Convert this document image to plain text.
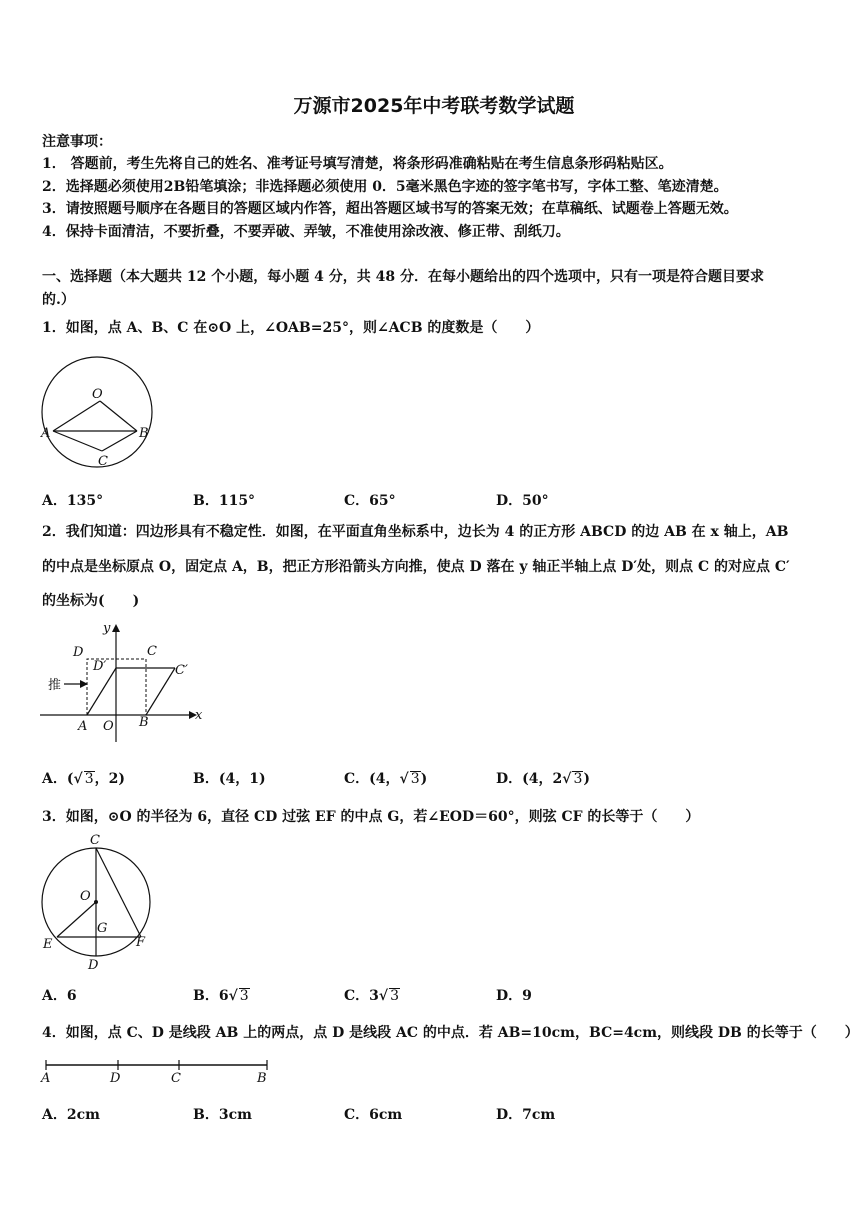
万源市2025年中考联考数学试题
注意事项：
1． 答题前，考生先将自己的姓名、准考证号填写清楚，将条形码准确粘贴在考生信息条形码粘贴区。
2．选择题必须使用2B铅笔填涂；非选择题必须使用 0．5毫米黑色字迹的签字笔书写，字体工整、笔迹清楚。
3．请按照题号顺序在各题目的答题区域内作答，超出答题区域书写的答案无效；在草稿纸、试题卷上答题无效。
4．保持卡面清洁，不要折叠，不要弄破、弄皱，不准使用涂改液、修正带、刮纸刀。
一、选择题（本大题共 12 个小题，每小题 4 分，共 48 分．在每小题给出的四个选项中，只有一项是符合题目要求
的.）
1．如图，点 A、B、C 在⊙O 上，∠OAB=25°，则∠ACB 的度数是（　　）
O
A	B
C
A．135°	B．115°	C．65°	D．50°
2．我们知道：四边形具有不稳定性．如图，在平面直角坐标系中，边长为 4 的正方形 ABCD 的边 AB 在 x 轴上，AB
的中点是坐标原点 O，固定点 A，B，把正方形沿箭头方向推，使点 D 落在 y 轴正半轴上点 D′处，则点 C 的对应点 C′
的坐标为(　　)
y
x
D
D′
C
C′
推
A O B
A．(√ 3，2)	B．(4，1)	C．(4，√ 3)	D．(4，2√ 3)
3．如图，⊙O 的半径为 6，直径 CD 过弦 EF 的中点 G，若∠EOD＝60°，则弦 CF 的长等于（　　）
C
O
G
E	F
D
A．6	B．6√ 3	C．3√ 3	D．9
4．如图，点 C、D 是线段 AB 上的两点，点 D 是线段 AC 的中点．若 AB=10cm，BC=4cm，则线段 DB 的长等于（　　）
A	D	C	B
A．2cm	B．3cm	C．6cm	D．7cm
